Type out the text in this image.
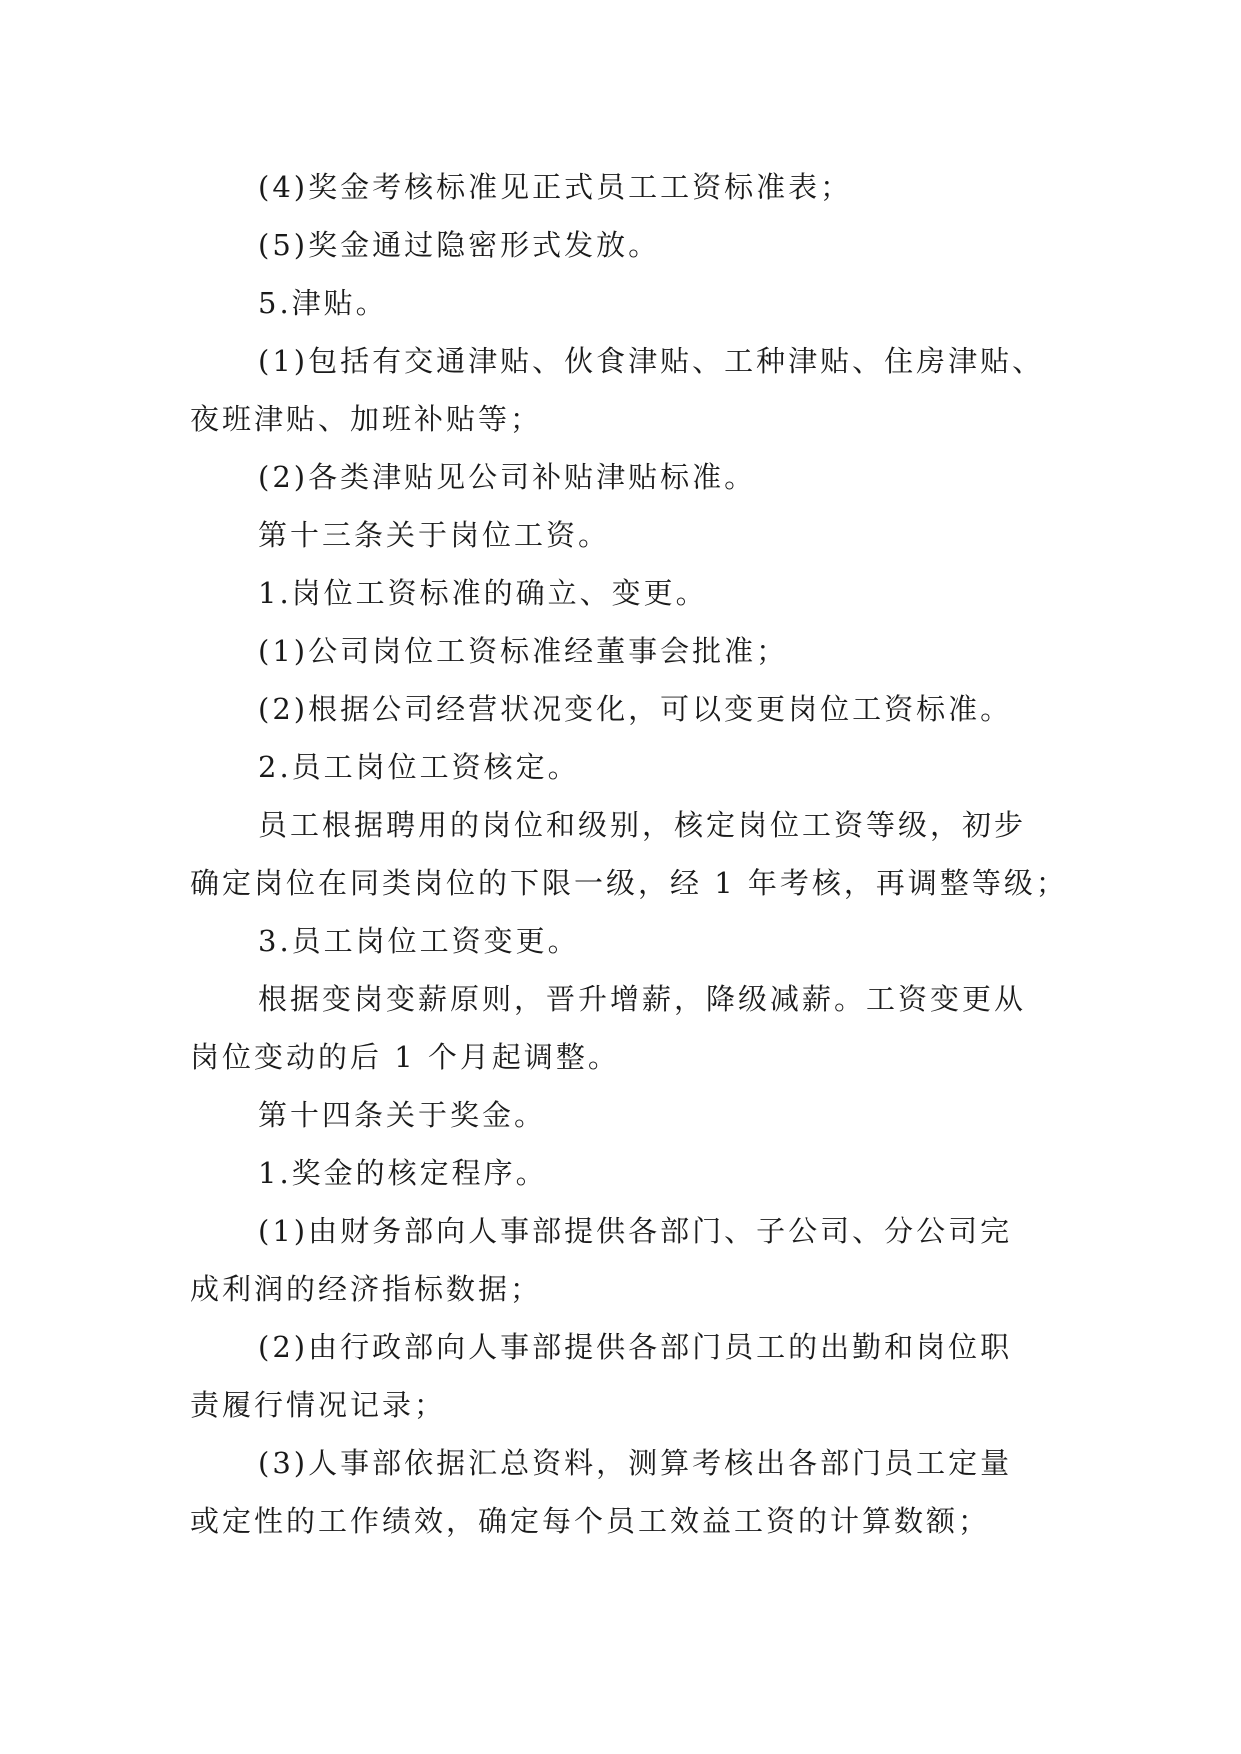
(4)奖金考核标准见正式员工工资标准表；
(5)奖金通过隐密形式发放。
5.津贴。
(1)包括有交通津贴、伙食津贴、工种津贴、住房津贴、
夜班津贴、加班补贴等；
(2)各类津贴见公司补贴津贴标准。
第十三条关于岗位工资。
1.岗位工资标准的确立、变更。
(1)公司岗位工资标准经董事会批准；
(2)根据公司经营状况变化，可以变更岗位工资标准。
2.员工岗位工资核定。
员工根据聘用的岗位和级别，核定岗位工资等级，初步
确定岗位在同类岗位的下限一级，经 1 年考核，再调整等级；
3.员工岗位工资变更。
根据变岗变薪原则，晋升增薪，降级减薪。工资变更从
岗位变动的后 1 个月起调整。
第十四条关于奖金。
1.奖金的核定程序。
(1)由财务部向人事部提供各部门、子公司、分公司完
成利润的经济指标数据；
(2)由行政部向人事部提供各部门员工的出勤和岗位职
责履行情况记录；
(3)人事部依据汇总资料，测算考核出各部门员工定量
或定性的工作绩效，确定每个员工效益工资的计算数额；
